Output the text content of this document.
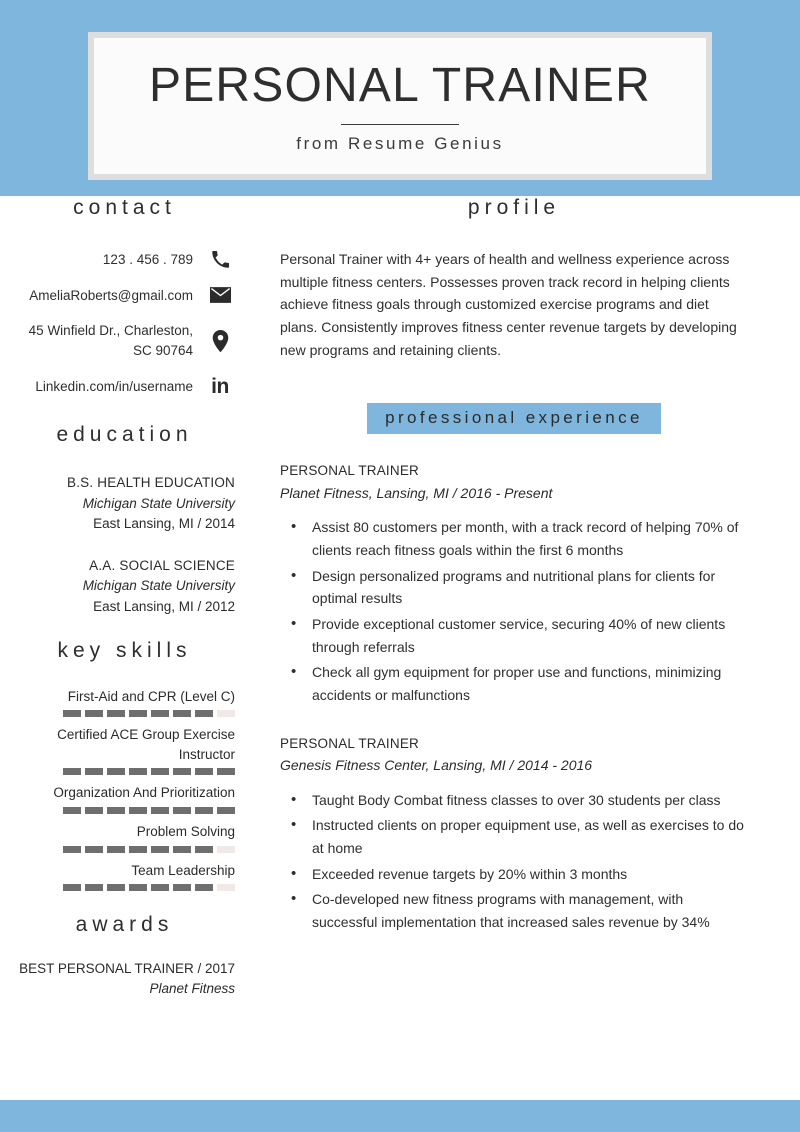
PERSONAL TRAINER
from Resume Genius
contact
123 . 456 . 789
AmeliaRoberts@gmail.com
45 Winfield Dr., Charleston, SC 90764
Linkedin.com/in/username in
education
B.S. HEALTH EDUCATION
Michigan State University
East Lansing, MI / 2014
A.A. SOCIAL SCIENCE
Michigan State University
East Lansing, MI / 2012
key skills
First-Aid and CPR (Level C)
Certified ACE Group Exercise Instructor
Organization And Prioritization
Problem Solving
Team Leadership
awards
BEST PERSONAL TRAINER / 2017
Planet Fitness
profile
Personal Trainer with 4+ years of health and wellness experience across multiple fitness centers. Possesses proven track record in helping clients achieve fitness goals through customized exercise programs and diet plans. Consistently improves fitness center revenue targets by developing new programs and retaining clients.
professional experience
PERSONAL TRAINER
Planet Fitness, Lansing, MI / 2016 - Present
• Assist 80 customers per month, with a track record of helping 70% of clients reach fitness goals within the first 6 months
• Design personalized programs and nutritional plans for clients for optimal results
• Provide exceptional customer service, securing 40% of new clients through referrals
• Check all gym equipment for proper use and functions, minimizing accidents or malfunctions
PERSONAL TRAINER
Genesis Fitness Center, Lansing, MI / 2014 - 2016
• Taught Body Combat fitness classes to over 30 students per class
• Instructed clients on proper equipment use, as well as exercises to do at home
• Exceeded revenue targets by 20% within 3 months
• Co-developed new fitness programs with management, with successful implementation that increased sales revenue by 34%
